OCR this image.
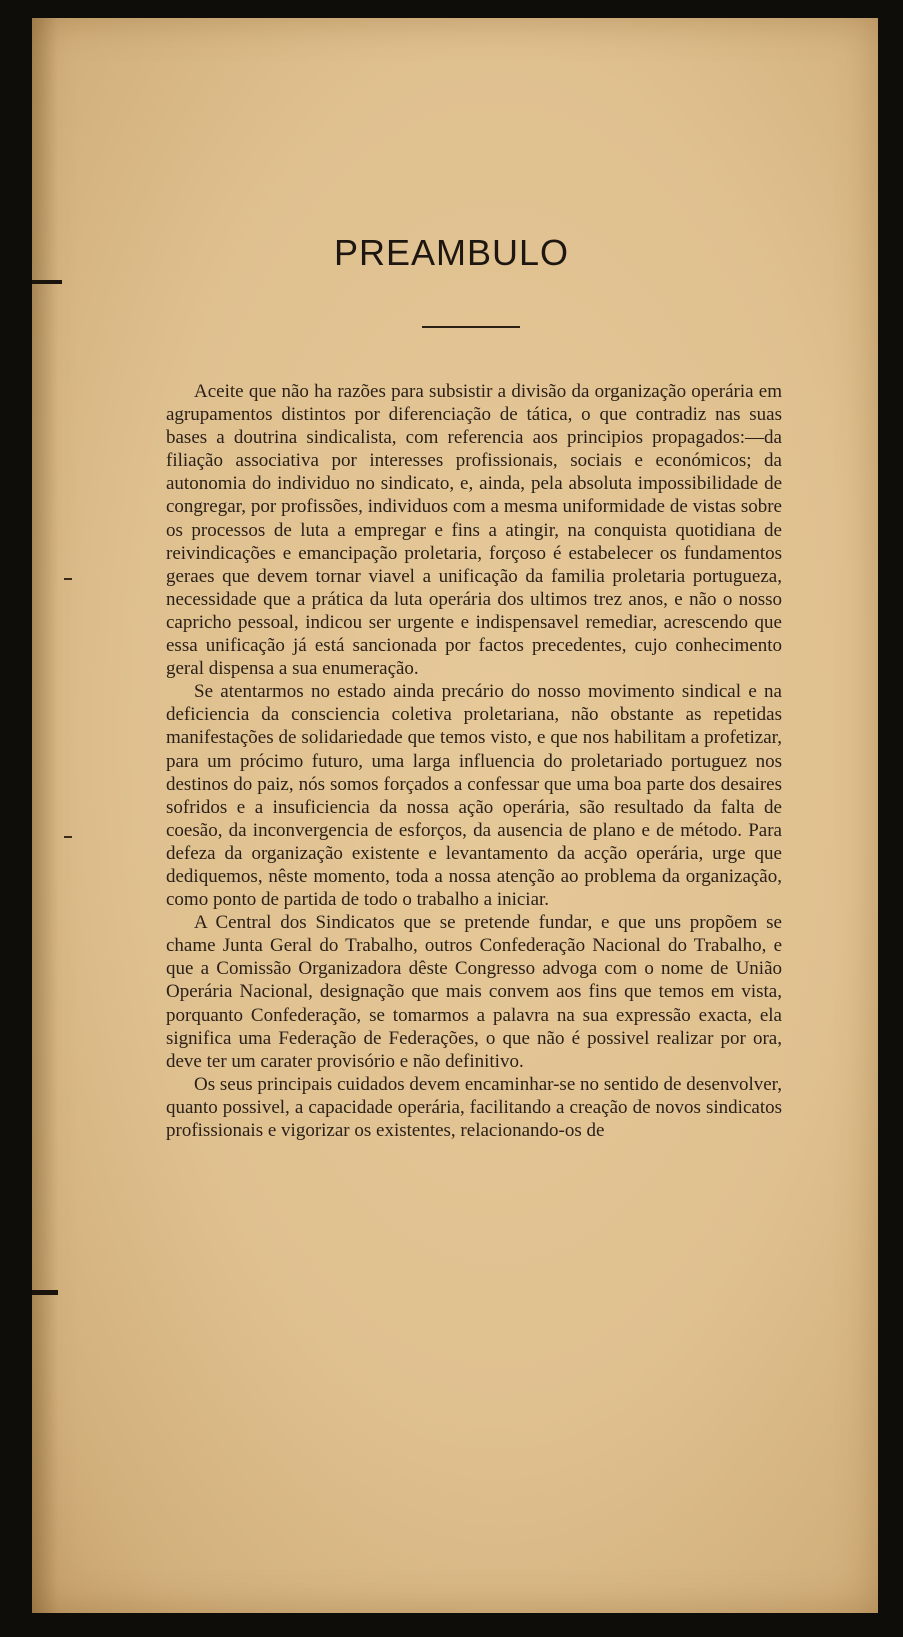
PREAMBULO

Aceite que não ha razões para subsistir a divisão da organização operária em agrupamentos distintos por diferenciação de tática, o que contradiz nas suas bases a doutrina sindicalista, com referencia aos principios propagados:—da filiação associativa por interesses profissionais, sociais e económicos; da autonomia do individuo no sindicato, e, ainda, pela absoluta impossibilidade de congregar, por profissões, individuos com a mesma uniformidade de vistas sobre os processos de luta a empregar e fins a atingir, na conquista quotidiana de reivindicações e emancipação proletaria, forçoso é estabelecer os fundamentos geraes que devem tornar viavel a unificação da familia proletaria portugueza, necessidade que a prática da luta operária dos ultimos trez anos, e não o nosso capricho pessoal, indicou ser urgente e indispensavel remediar, acrescendo que essa unificação já está sancionada por factos precedentes, cujo conhecimento geral dispensa a sua enumeração.

Se atentarmos no estado ainda precário do nosso movimento sindical e na deficiencia da consciencia coletiva proletariana, não obstante as repetidas manifestações de solidariedade que temos visto, e que nos habilitam a profetizar, para um prócimo futuro, uma larga influencia do proletariado portuguez nos destinos do paiz, nós somos forçados a confessar que uma boa parte dos desaires sofridos e a insuficiencia da nossa ação operária, são resultado da falta de coesão, da inconvergencia de esforços, da ausencia de plano e de método. Para defeza da organização existente e levantamento da acção operária, urge que dediquemos, nêste momento, toda a nossa atenção ao problema da organização, como ponto de partida de todo o trabalho a iniciar.

A Central dos Sindicatos que se pretende fundar, e que uns propõem se chame Junta Geral do Trabalho, outros Confederação Nacional do Trabalho, e que a Comissão Organizadora dêste Congresso advoga com o nome de União Operária Nacional, designação que mais convem aos fins que temos em vista, porquanto Confederação, se tomarmos a palavra na sua expressão exacta, ela significa uma Federação de Federações, o que não é possivel realizar por ora, deve ter um carater provisório e não definitivo.

Os seus principais cuidados devem encaminhar-se no sentido de desenvolver, quanto possivel, a capacidade operária, facilitando a creação de novos sindicatos profissionais e vigorizar os existentes, relacionando-os de
